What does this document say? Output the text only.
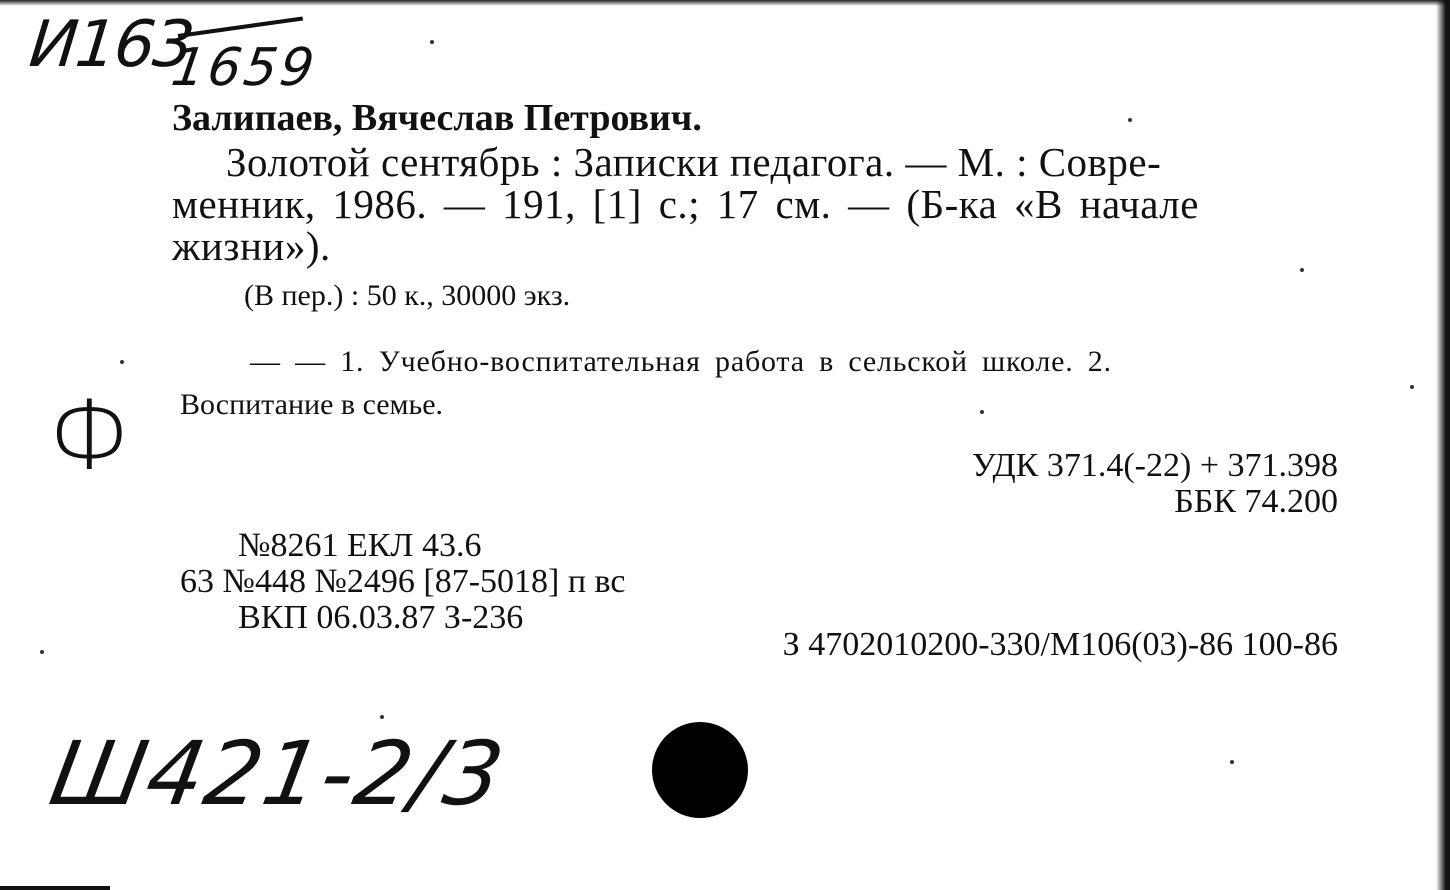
И163
1659
Залипаев, Вячеслав Петрович.
Золотой сентябрь : Записки педагога. — М. : Совре-
менник, 1986. — 191, [1] с.; 17 см. — (Б-ка «В начале
жизни»).
(В пер.) : 50 к., 30000 экз.
— — 1. Учебно-воспитательная работа в сельской школе. 2.
Воспитание в семье.
Ф	УДК 371.4(-22) + 371.398
ББК 74.200
№8261 ЕКЛ 43.6
63 №448 №2496 [87-5018] п вс
ВКП 06.03.87 З-236
З 4702010200-330/М106(03)-86 100-86
Ш421-2/3
